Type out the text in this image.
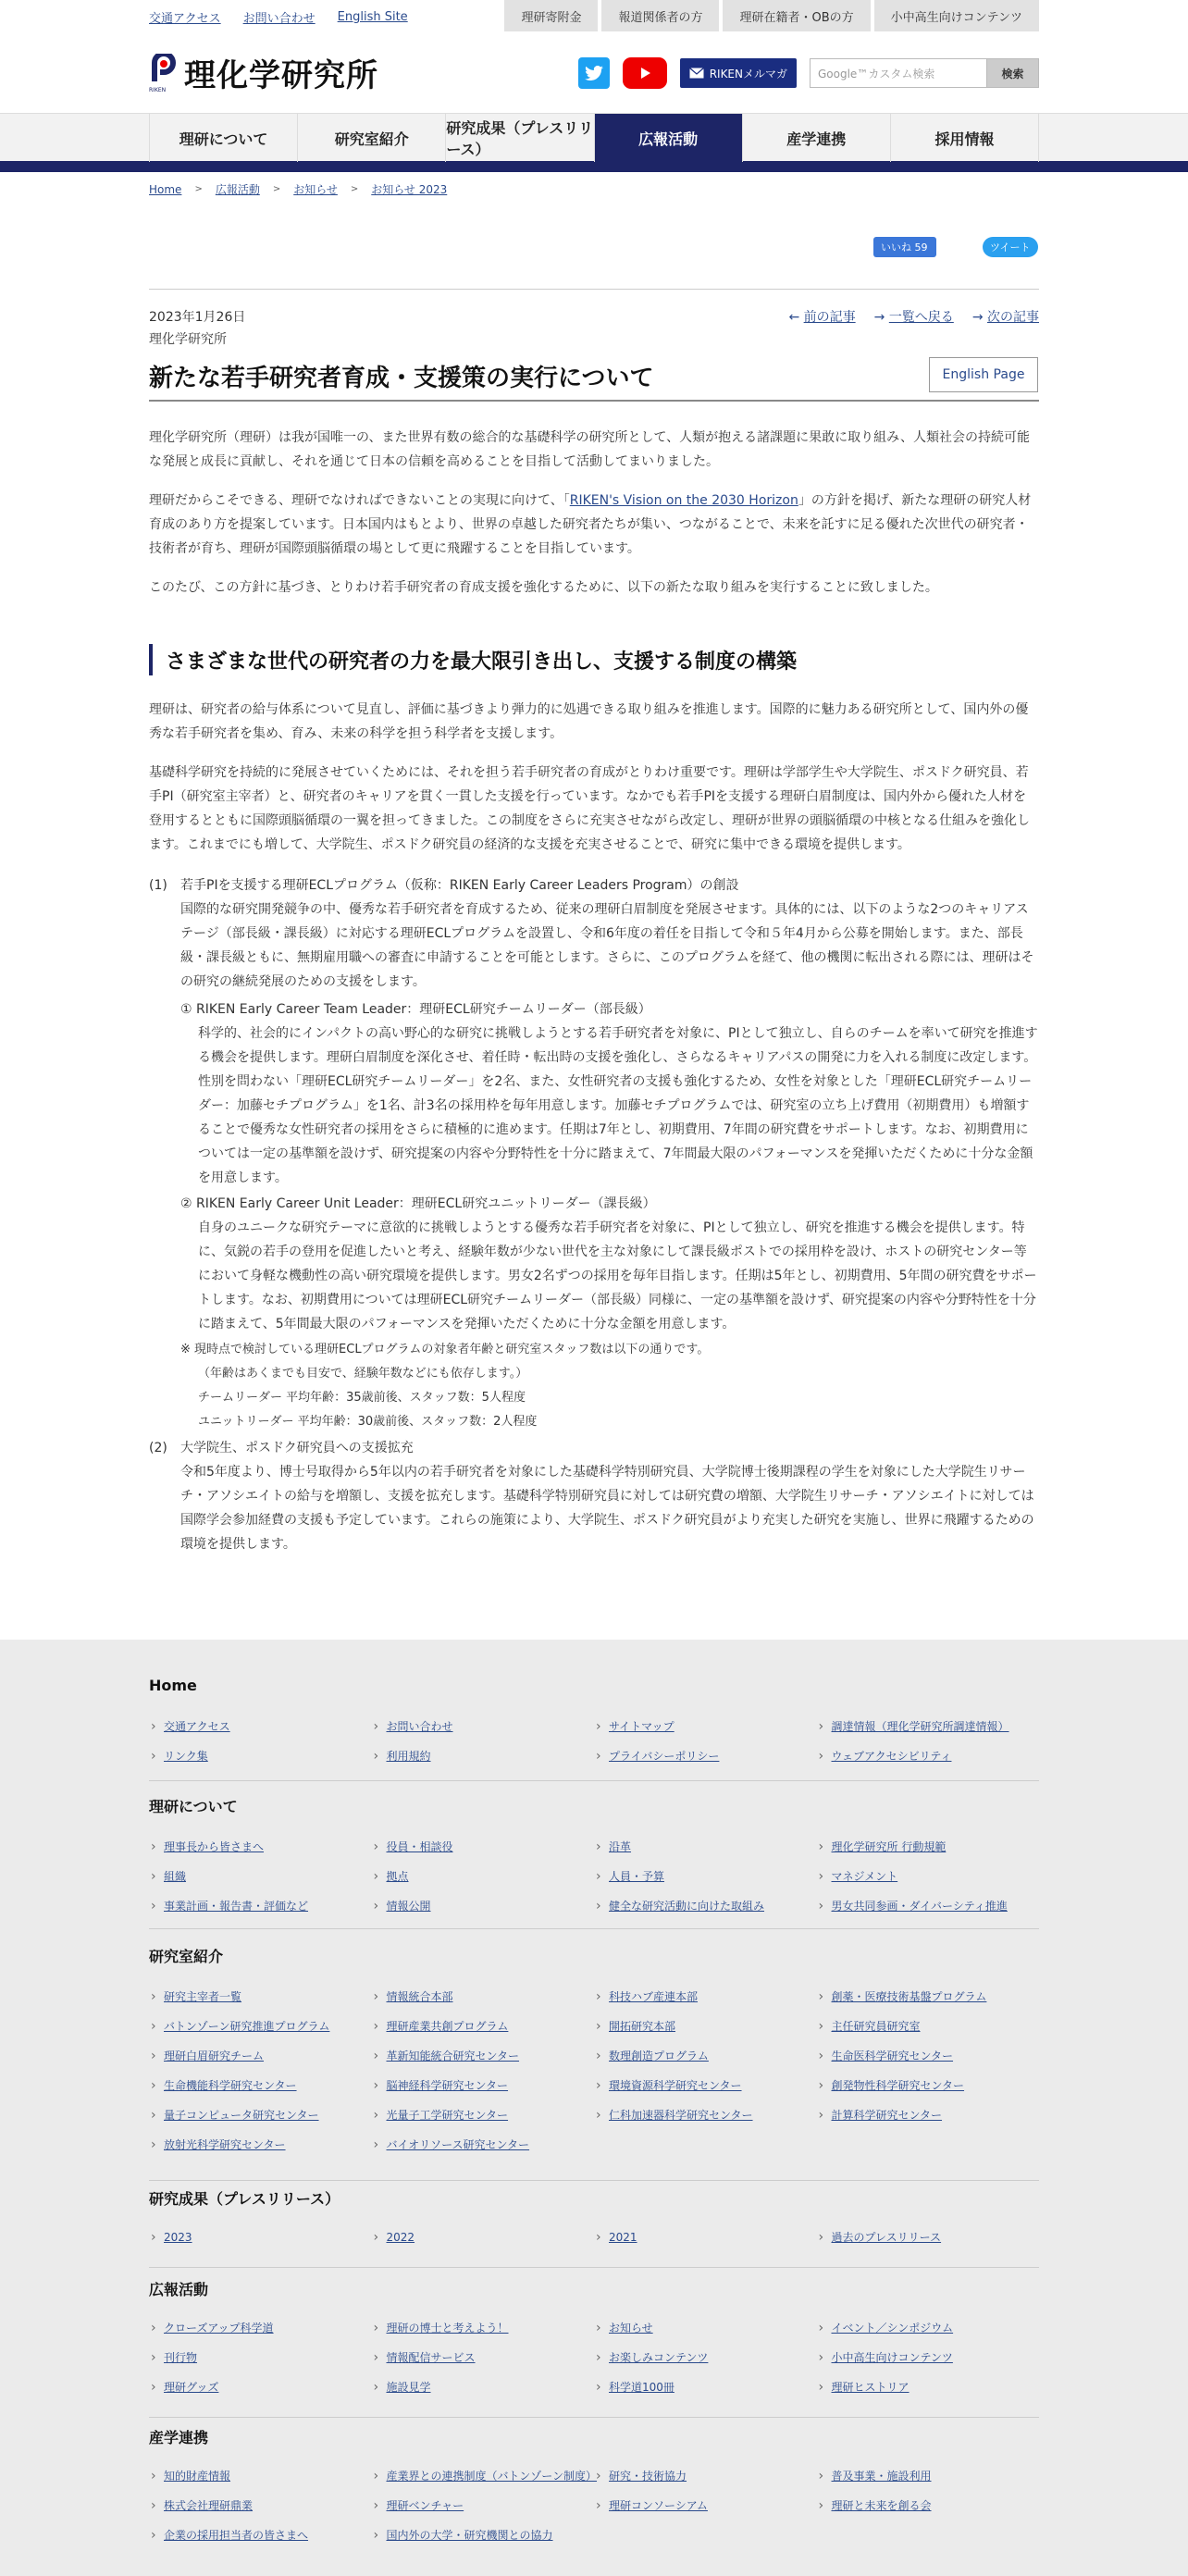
交通アクセス お問い合わせ English Site	理研寄附金	報道関係者の方	理研在籍者・OBの方	小中高生向けコンテンツ
RIKEN 理化学研究所	RIKENメルマガ	Google™カスタム検索	検索
理研について	研究室紹介
研究成果（プレスリリース）
広報活動	産学連携	採用情報
Home > 広報活動 > お知らせ > お知らせ 2023
いいね 59	ツイート
2023年1月26日
理化学研究所
← 前の記事 → 一覧へ戻る → 次の記事
新たな若手研究者育成・支援策の実行について	English Page

理化学研究所（理研）は我が国唯一の、また世界有数の総合的な基礎科学の研究所として、人類が抱える諸課題に果敢に取り組み、人類社会の持続可能な発展と成長に貢献し、それを通じて日本の信頼を高めることを目指して活動してまいりました。

理研だからこそできる、理研でなければできないことの実現に向けて、「RIKEN's Vision on the 2030 Horizon」の方針を掲げ、新たな理研の研究人材育成のあり方を提案しています。日本国内はもとより、世界の卓越した研究者たちが集い、つながることで、未来を託すに足る優れた次世代の研究者・技術者が育ち、理研が国際頭脳循環の場として更に飛躍することを目指しています。

このたび、この方針に基づき、とりわけ若手研究者の育成支援を強化するために、以下の新たな取り組みを実行することに致しました。

さまざまな世代の研究者の力を最大限引き出し、支援する制度の構築

理研は、研究者の給与体系について見直し、評価に基づきより弾力的に処遇できる取り組みを推進します。国際的に魅力ある研究所として、国内外の優秀な若手研究者を集め、育み、未来の科学を担う科学者を支援します。

基礎科学研究を持続的に発展させていくためには、それを担う若手研究者の育成がとりわけ重要です。理研は学部学生や大学院生、ポスドク研究員、若手PI（研究室主宰者）と、研究者のキャリアを貫く一貫した支援を行っています。なかでも若手PIを支援する理研白眉制度は、国内外から優れた人材を登用するとともに国際頭脳循環の一翼を担ってきました。この制度をさらに充実させながら改定し、理研が世界の頭脳循環の中核となる仕組みを強化します。これまでにも増して、大学院生、ポスドク研究員の経済的な支援を充実させることで、研究に集中できる環境を提供します。

(1) 若手PIを支援する理研ECLプログラム（仮称：RIKEN Early Career Leaders Program）の創設
国際的な研究開発競争の中、優秀な若手研究者を育成するため、従来の理研白眉制度を発展させます。具体的には、以下のような2つのキャリアステージ（部長級・課長級）に対応する理研ECLプログラムを設置し、令和6年度の着任を目指して令和５年4月から公募を開始します。また、部長級・課長級ともに、無期雇用職への審査に申請することを可能とします。さらに、このプログラムを経て、他の機関に転出される際には、理研はその研究の継続発展のための支援をします。
① RIKEN Early Career Team Leader：理研ECL研究チームリーダー（部長級）
科学的、社会的にインパクトの高い野心的な研究に挑戦しようとする若手研究者を対象に、PIとして独立し、自らのチームを率いて研究を推進する機会を提供します。理研白眉制度を深化させ、着任時・転出時の支援を強化し、さらなるキャリアパスの開発に力を入れる制度に改定します。性別を問わない「理研ECL研究チームリーダー」を2名、また、女性研究者の支援も強化するため、女性を対象とした「理研ECL研究チームリーダー：加藤セチプログラム」を1名、計3名の採用枠を毎年用意します。加藤セチプログラムでは、研究室の立ち上げ費用（初期費用）も増額することで優秀な女性研究者の採用をさらに積極的に進めます。任期は7年とし、初期費用、7年間の研究費をサポートします。なお、初期費用については一定の基準額を設けず、研究提案の内容や分野特性を十分に踏まえて、7年間最大限のパフォーマンスを発揮いただくために十分な金額を用意します。
② RIKEN Early Career Unit Leader：理研ECL研究ユニットリーダー（課長級）
自身のユニークな研究テーマに意欲的に挑戦しようとする優秀な若手研究者を対象に、PIとして独立し、研究を推進する機会を提供します。特に、気鋭の若手の登用を促進したいと考え、経験年数が少ない世代を主な対象にして課長級ポストでの採用枠を設け、ホストの研究センター等において身軽な機動性の高い研究環境を提供します。男女2名ずつの採用を毎年目指します。任期は5年とし、初期費用、5年間の研究費をサポートします。なお、初期費用については理研ECL研究チームリーダー（部長級）同様に、一定の基準額を設けず、研究提案の内容や分野特性を十分に踏まえて、5年間最大限のパフォーマンスを発揮いただくために十分な金額を用意します。
※ 現時点で検討している理研ECLプログラムの対象者年齢と研究室スタッフ数は以下の通りです。
（年齢はあくまでも目安で、経験年数などにも依存します。）
チームリーダー 平均年齢：35歳前後、スタッフ数：5人程度
ユニットリーダー 平均年齢：30歳前後、スタッフ数：2人程度
(2) 大学院生、ポスドク研究員への支援拡充
令和5年度より、博士号取得から5年以内の若手研究者を対象にした基礎科学特別研究員、大学院博士後期課程の学生を対象にした大学院生リサーチ・アソシエイトの給与を増額し、支援を拡充します。基礎科学特別研究員に対しては研究費の増額、大学院生リサーチ・アソシエイトに対しては国際学会参加経費の支援も予定しています。これらの施策により、大学院生、ポスドク研究員がより充実した研究を実施し、世界に飛躍するための環境を提供します。
Home
› 交通アクセス	› お問い合わせ	› サイトマップ	› 調達情報（理化学研究所調達情報）
› リンク集	› 利用規約	› プライバシーポリシー	› ウェブアクセシビリティ
理研について
› 理事長から皆さまへ	› 役員・相談役	› 沿革	› 理化学研究所 行動規範
› 組織	› 拠点	› 人員・予算	› マネジメント
› 事業計画・報告書・評価など	› 情報公開	› 健全な研究活動に向けた取組み	› 男女共同参画・ダイバーシティ推進
研究室紹介
› 研究主宰者一覧	› 情報統合本部	› 科技ハブ産連本部	› 創薬・医療技術基盤プログラム
› バトンゾーン研究推進プログラム	› 理研産業共創プログラム	› 開拓研究本部	› 主任研究員研究室
› 理研白眉研究チーム	› 革新知能統合研究センター	› 数理創造プログラム	› 生命医科学研究センター
› 生命機能科学研究センター	› 脳神経科学研究センター	› 環境資源科学研究センター	› 創発物性科学研究センター
› 量子コンピュータ研究センター	› 光量子工学研究センター	› 仁科加速器科学研究センター	› 計算科学研究センター
› 放射光科学研究センター	› バイオリソース研究センター
研究成果（プレスリリース）
› 2023	› 2022	› 2021	› 過去のプレスリリース
広報活動
› クローズアップ科学道	› 理研の博士と考えよう！	› お知らせ	› イベント／シンポジウム
› 刊行物	› 情報配信サービス	› お楽しみコンテンツ	› 小中高生向けコンテンツ
› 理研グッズ	› 施設見学	› 科学道100冊	› 理研ヒストリア
産学連携
› 知的財産情報	› 産業界との連携制度（バトンゾーン制度）	› 研究・技術協力	› 普及事業・施設利用
› 株式会社理研鼎業	› 理研ベンチャー	› 理研コンソーシアム	› 理研と未来を創る会
› 企業の採用担当者の皆さまへ	› 国内外の大学・研究機関との協力
